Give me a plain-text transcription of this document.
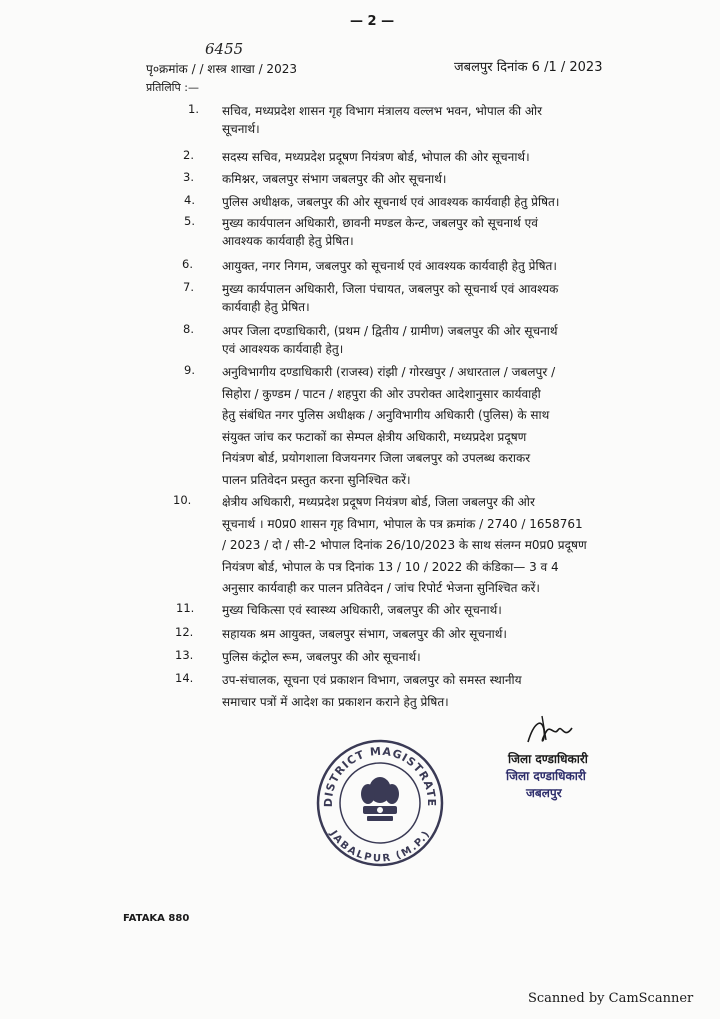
— 2 —
6455
पृ०क्रमांक / / शस्त्र शाखा / 2023	जबलपुर दिनांक 6 /1 / 2023
प्रतिलिपि :—
1. सचिव, मध्यप्रदेश शासन गृह विभाग मंत्रालय वल्लभ भवन, भोपाल की ओर
सूचनार्थ।
2. सदस्य सचिव, मध्यप्रदेश प्रदूषण नियंत्रण बोर्ड, भोपाल की ओर सूचनार्थ।
3. कमिश्नर, जबलपुर संभाग जबलपुर की ओर सूचनार्थ।
4. पुलिस अधीक्षक, जबलपुर की ओर सूचनार्थ एवं आवश्यक कार्यवाही हेतु प्रेषित।
5. मुख्य कार्यपालन अधिकारी, छावनी मण्डल केन्ट, जबलपुर को सूचनार्थ एवं
आवश्यक कार्यवाही हेतु प्रेषित।
6. आयुक्त, नगर निगम, जबलपुर को सूचनार्थ एवं आवश्यक कार्यवाही हेतु प्रेषित।
7. मुख्य कार्यपालन अधिकारी, जिला पंचायत, जबलपुर को सूचनार्थ एवं आवश्यक
कार्यवाही हेतु प्रेषित।
8. अपर जिला दण्डाधिकारी, (प्रथम / द्वितीय / ग्रामीण) जबलपुर की ओर सूचनार्थ
एवं आवश्यक कार्यवाही हेतु।
9. अनुविभागीय दण्डाधिकारी (राजस्व) रांझी / गोरखपुर / अधारताल / जबलपुर /
सिहोरा / कुण्डम / पाटन / शहपुरा की ओर उपरोक्त आदेशानुसार कार्यवाही
हेतु संबंधित नगर पुलिस अधीक्षक / अनुविभागीय अधिकारी (पुलिस) के साथ
संयुक्त जांच कर फटाकों का सेम्पल क्षेत्रीय अधिकारी, मध्यप्रदेश प्रदूषण
नियंत्रण बोर्ड, प्रयोगशाला विजयनगर जिला जबलपुर को उपलब्ध कराकर
पालन प्रतिवेदन प्रस्तुत करना सुनिश्चित करें।
10.	क्षेत्रीय अधिकारी, मध्यप्रदेश प्रदूषण नियंत्रण बोर्ड, जिला जबलपुर की ओर
सूचनार्थ । म0प्र0 शासन गृह विभाग, भोपाल के पत्र क्रमांक / 2740 / 1658761
/ 2023 / दो / सी-2 भोपाल दिनांक 26/10/2023 के साथ संलग्न म0प्र0 प्रदूषण
नियंत्रण बोर्ड, भोपाल के पत्र दिनांक 13 / 10 / 2022 की कंडिका— 3 व 4
अनुसार कार्यवाही कर पालन प्रतिवेदन / जांच रिपोर्ट भेजना सुनिश्चित करें।
11. मुख्य चिकित्सा एवं स्वास्थ्य अधिकारी, जबलपुर की ओर सूचनार्थ।
12. सहायक श्रम आयुक्त, जबलपुर संभाग, जबलपुर की ओर सूचनार्थ।
13. पुलिस कंट्रोल रूम, जबलपुर की ओर सूचनार्थ।
14. उप-संचालक, सूचना एवं प्रकाशन विभाग, जबलपुर को समस्त स्थानीय
समाचार पत्रों में आदेश का प्रकाशन कराने हेतु प्रेषित।
DISTRICT MAGISTRATE
JABALPUR (M.P.)
जिला दण्डाधिकारी
जिला दण्डाधिकारी
जबलपुर
FATAKA 880
Scanned by CamScanner
